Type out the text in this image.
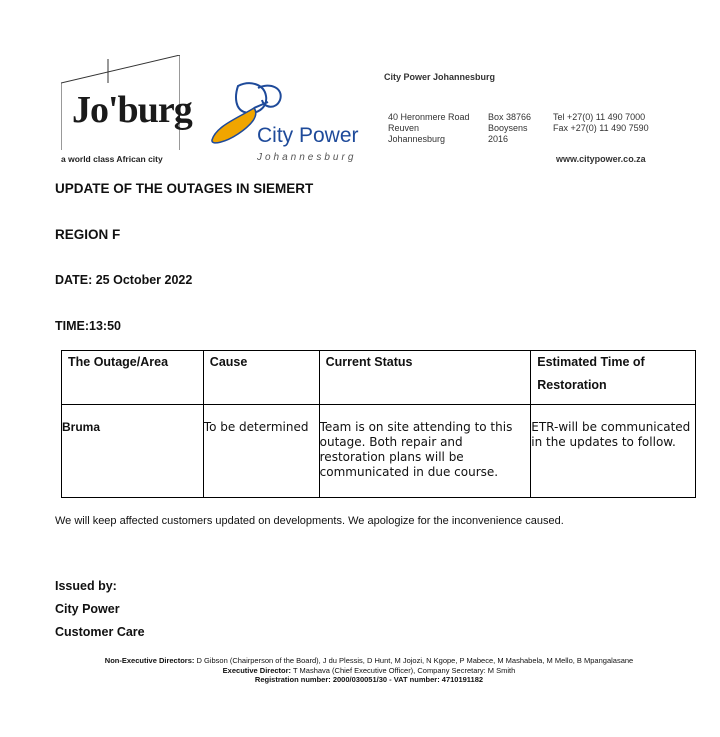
Jo'burg
a world class African city
City Power
Johannesburg
City Power Johannesburg
40 Heronmere Road
Reuven
Johannesburg
Box 38766
Booysens
2016
Tel +27(0) 11 490 7000
Fax +27(0) 11 490 7590
www.citypower.co.za
UPDATE OF THE OUTAGES IN SIEMERT
REGION F
DATE: 25 October 2022
TIME:13:50
The Outage/Area	Cause	Current Status	Estimated Time of Restoration
Bruma	To be determined	Team is on site attending to this outage. Both repair and restoration plans will be communicated in due course.	ETR-will be communicated in the updates to follow.
We will keep affected customers updated on developments. We apologize for the inconvenience caused.
Issued by:
City Power
Customer Care
Non-Executive Directors: D Gibson (Chairperson of the Board), J du Plessis, D Hunt, M Jojozi, N Kgope, P Mabece, M Mashabela, M Mello, B Mpangalasane
Executive Director: T Mashava (Chief Executive Officer), Company Secretary: M Smith
Registration number: 2000/030051/30 - VAT number: 4710191182
